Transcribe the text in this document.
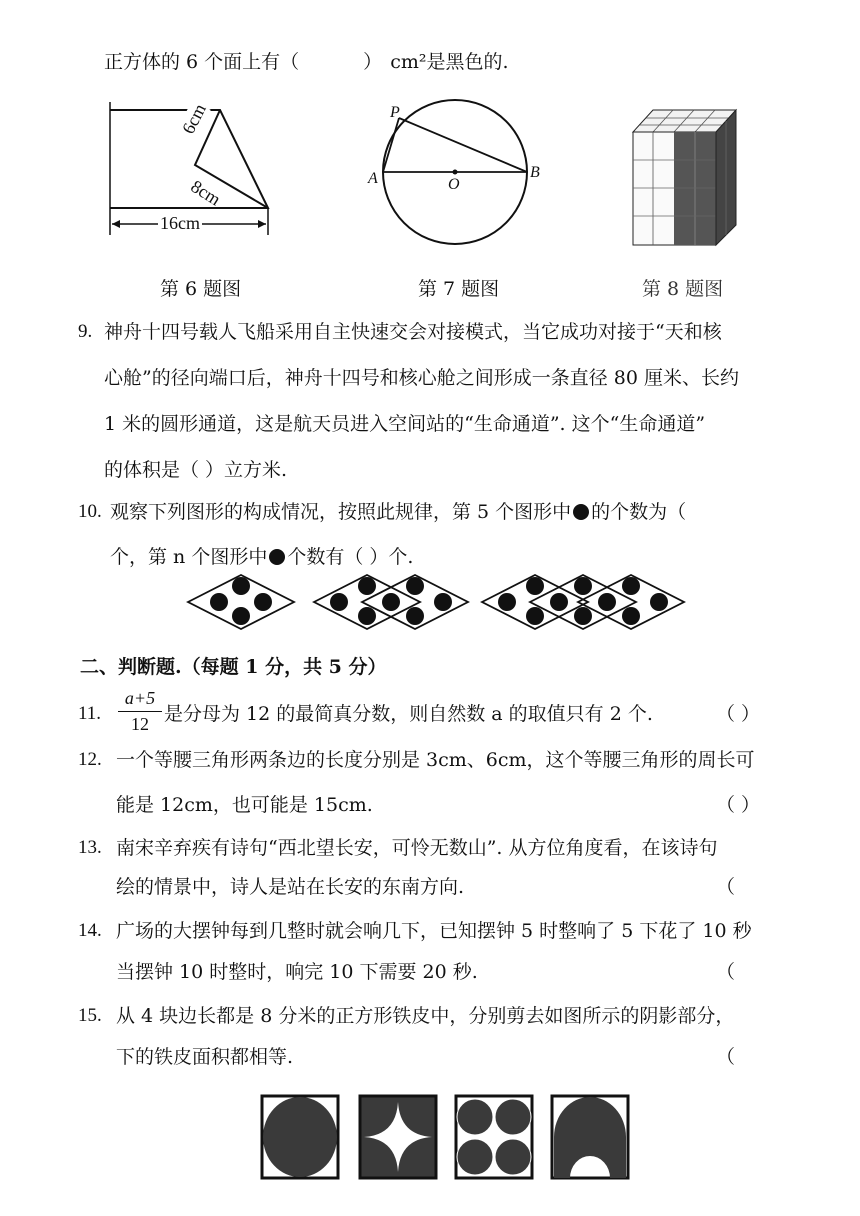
正方体的 6 个面上有（	） cm²是黑色的.
6cm
8cm
16cm
第 6 题图
P
A	O
B
第 7 题图	第 8 题图
9. 神舟十四号载人飞船采用自主快速交会对接模式，当它成功对接于“天和核
心舱”的径向端口后，神舟十四号和核心舱之间形成一条直径 80 厘米、长约
1 米的圆形通道，这是航天员进入空间站的“生命通道”. 这个“生命通道”
的体积是（ ）立方米.
10. 观察下列图形的构成情况，按照此规律，第 5 个图形中 的个数为（
个，第 n 个图形中 个数有（ ）个.
二、判断题.（每题 1 分，共 5 分）
11.
a+5
12 是分母为 12 的最简真分数，则自然数 a 的取值只有 2 个.	（ ）
12. 一个等腰三角形两条边的长度分别是 3cm、6cm，这个等腰三角形的周长可
能是 12cm，也可能是 15cm.	（ ）
13. 南宋辛弃疾有诗句“西北望长安，可怜无数山”. 从方位角度看，在该诗句
绘的情景中，诗人是站在长安的东南方向.	（
14. 广场的大摆钟每到几整时就会响几下，已知摆钟 5 时整响了 5 下花了 10 秒
当摆钟 10 时整时，响完 10 下需要 20 秒.	（
15. 从 4 块边长都是 8 分米的正方形铁皮中，分别剪去如图所示的阴影部分，
下的铁皮面积都相等.	（
